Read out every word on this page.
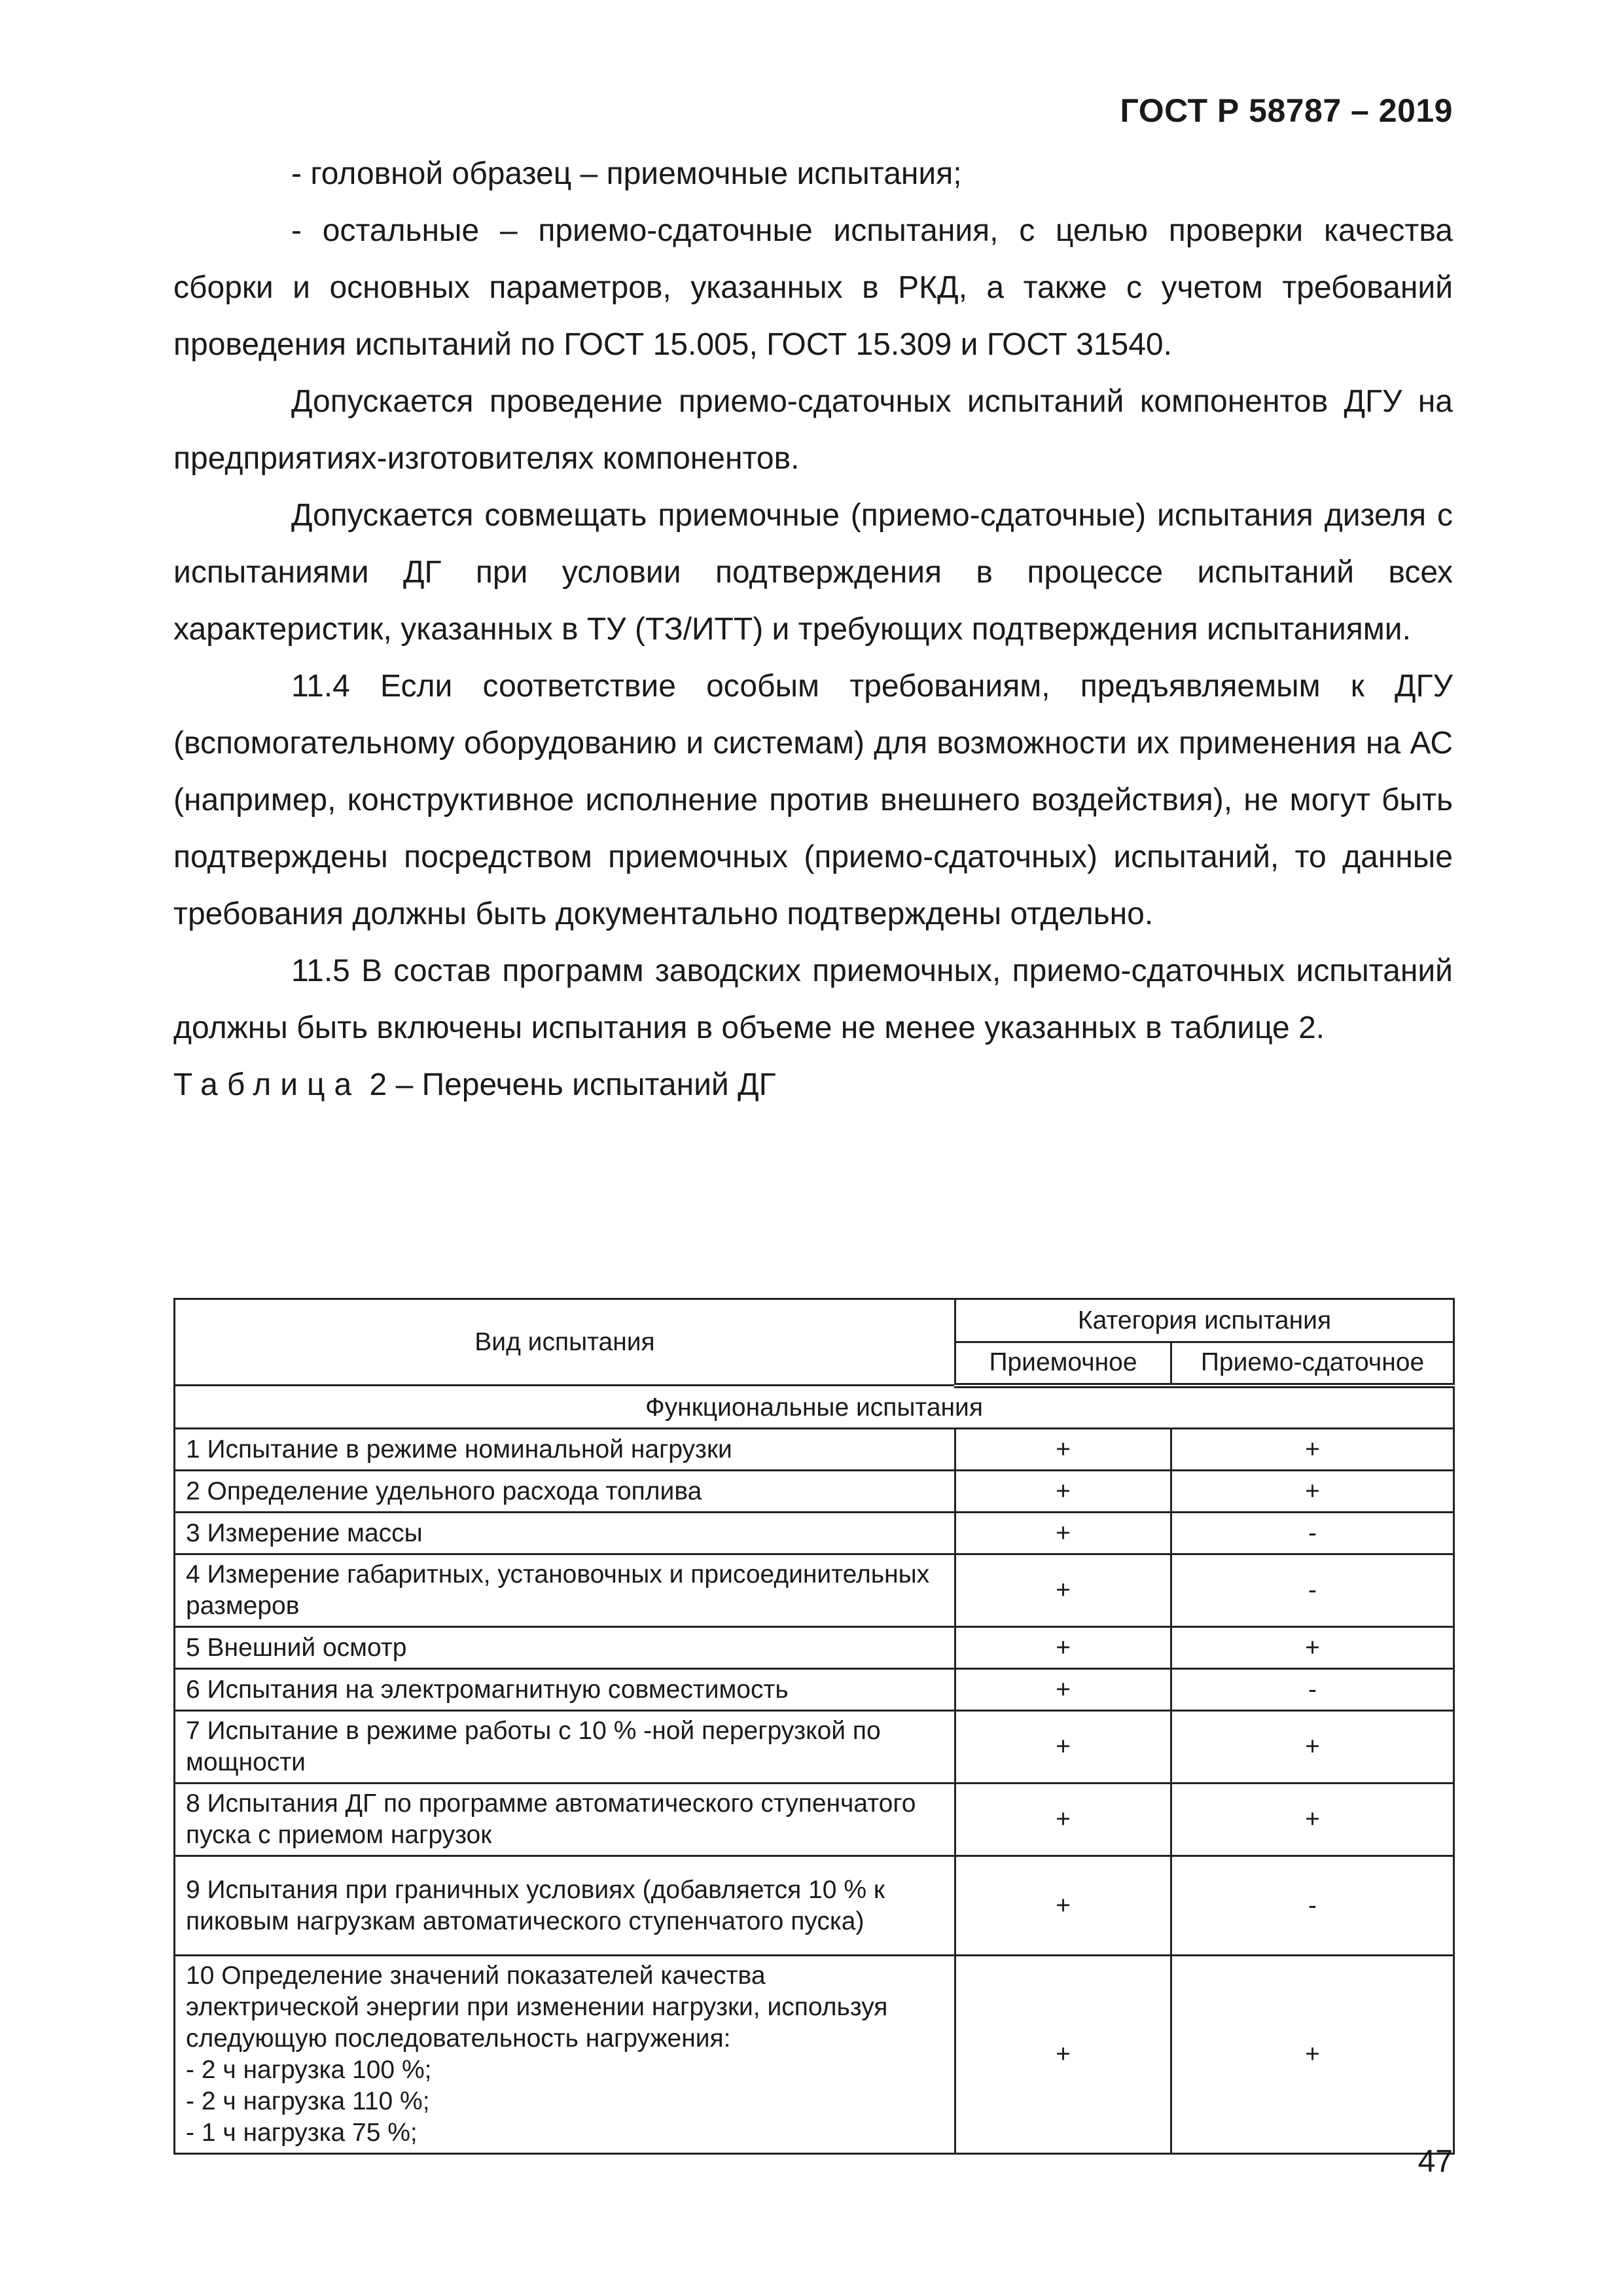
ГОСТ Р 58787 – 2019

- головной образец – приемочные испытания;

- остальные – приемо-сдаточные испытания, с целью проверки качества сборки и основных параметров, указанных в РКД, а также с учетом требований проведения испытаний по ГОСТ 15.005, ГОСТ 15.309 и ГОСТ 31540.

Допускается проведение приемо-сдаточных испытаний компонентов ДГУ на предприятиях-изготовителях компонентов.

Допускается совмещать приемочные (приемо-сдаточные) испытания дизеля с испытаниями ДГ при условии подтверждения в процессе испытаний всех характеристик, указанных в ТУ (ТЗ/ИТТ) и требующих подтверждения испытаниями.

11.4 Если соответствие особым требованиям, предъявляемым к ДГУ (вспомогательному оборудованию и системам) для возможности их применения на АС (например, конструктивное исполнение против внешнего воздействия), не могут быть подтверждены посредством приемочных (приемо-сдаточных) испытаний, то данные требования должны быть документально подтверждены отдельно.

11.5 В состав программ заводских приемочных, приемо-сдаточных испытаний должны быть включены испытания в объеме не менее указанных в таблице 2.

Таблица 2 – Перечень испытаний ДГ

Вид испытания	Категория испытания	
	Приемочное	Приемо-сдаточное
Функциональные испытания		
1 Испытание в режиме номинальной нагрузки	+	+
2 Определение удельного расхода топлива	+	+
3 Измерение массы	+	-
4 Измерение габаритных, установочных и присоединительных размеров	+	-
5 Внешний осмотр	+	+
6 Испытания на электромагнитную совместимость	+	-
7 Испытание в режиме работы с 10 % -ной перегрузкой по мощности	+	+
8 Испытания ДГ по программе автоматического ступенчатого пуска с приемом нагрузок	+	+
9 Испытания при граничных условиях (добавляется 10 % к пиковым нагрузкам автоматического ступенчатого пуска)	+	-

10 Определение значений показателей качества электрической энергии при изменении нагрузки, используя следующую последовательность нагружения:
- 2 ч нагрузка 100 %;
- 2 ч нагрузка 110 %;
- 1 ч нагрузка 75 %;	+	+
47
